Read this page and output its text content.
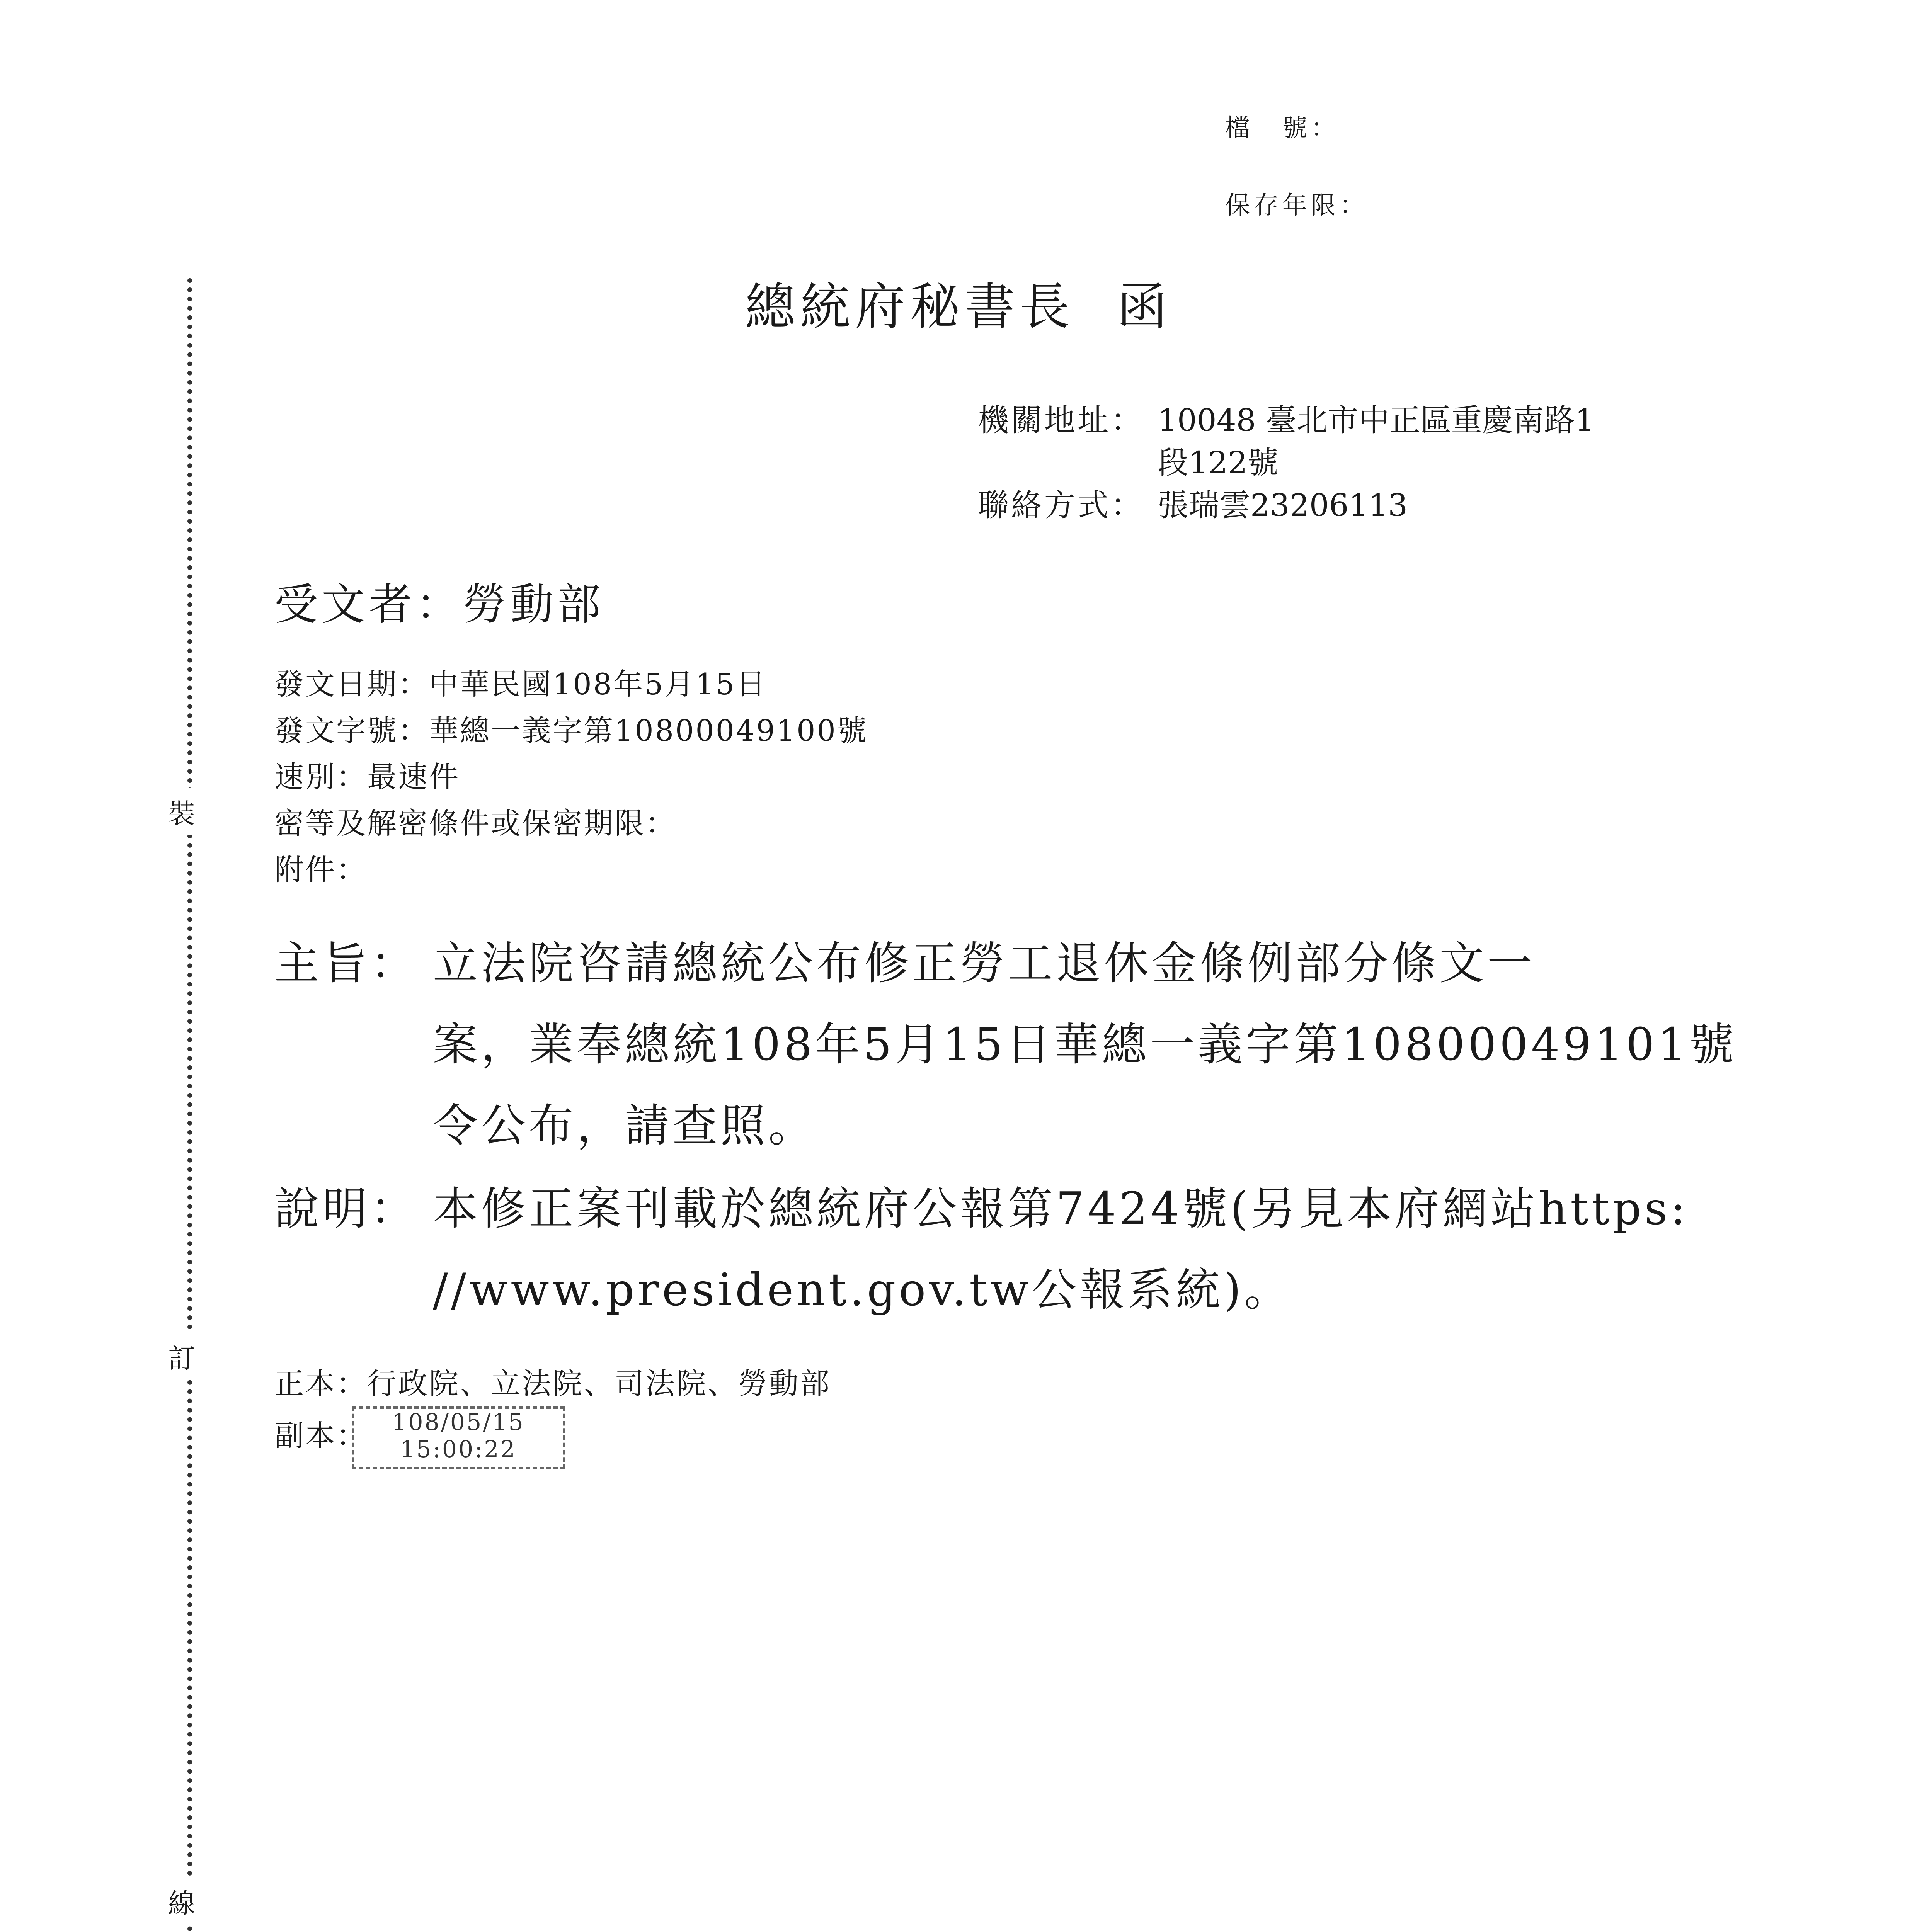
檔　號：
保存年限：
總統府秘書長 函
機關地址： 10048 臺北市中正區重慶南路1
段122號
聯絡方式： 張瑞雲23206113
受文者：勞動部
發文日期：中華民國108年5月15日
發文字號：華總一義字第10800049100號
速別：最速件
密等及解密條件或保密期限：
附件：
主旨： 立法院咨請總統公布修正勞工退休金條例部分條文一
案，業奉總統108年5月15日華總一義字第10800049101號
令公布，請查照。
說明： 本修正案刊載於總統府公報第7424號(另見本府網站https:
//www.president.gov.tw公報系統)。
正本：行政院、立法院、司法院、勞動部
副本：	108/05/15
15:00:22
裝
訂
線
